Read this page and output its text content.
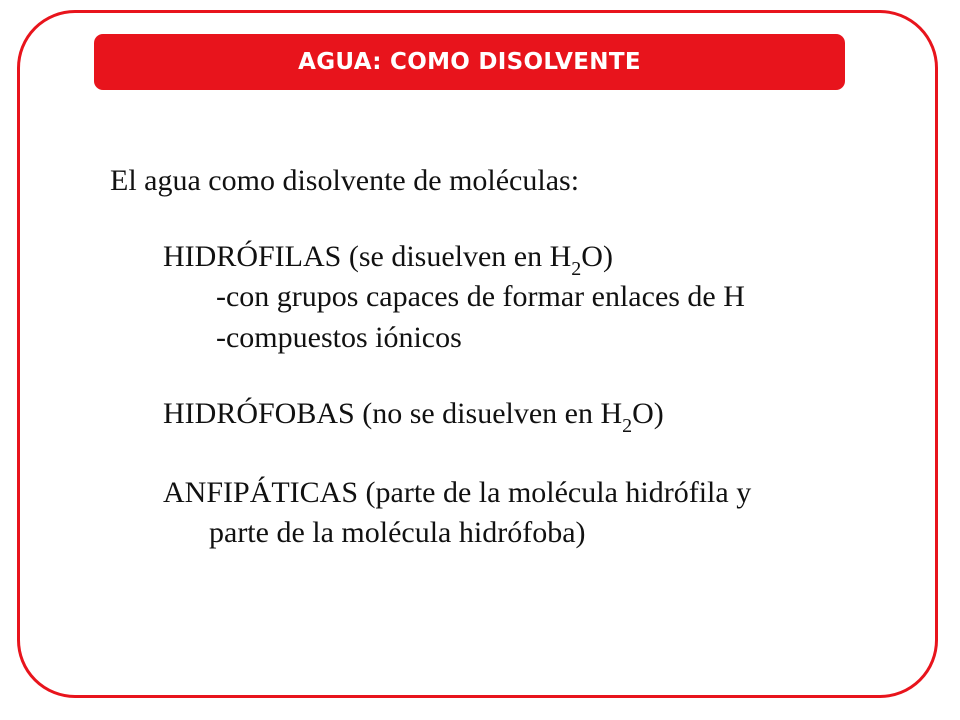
AGUA: COMO DISOLVENTE
El agua como disolvente de moléculas:
HIDRÓFILAS (se disuelven en $H_2O$)
-con grupos capaces de formar enlaces de H
-compuestos iónicos
HIDRÓFOBAS (no se disuelven en $H_2O$)
ANFIPÁTICAS (parte de la molécula hidrófila y
parte de la molécula hidrófoba)
